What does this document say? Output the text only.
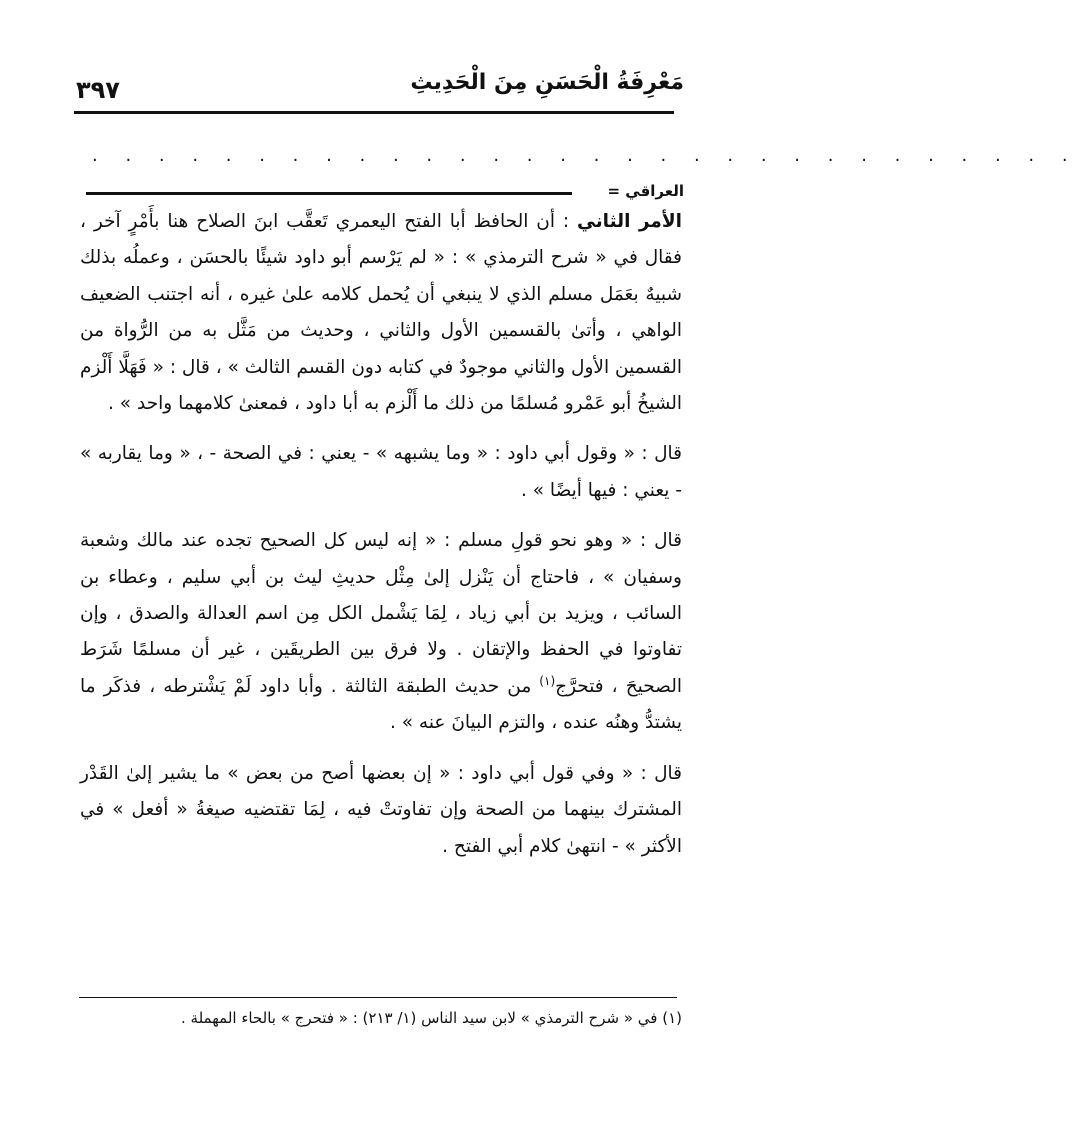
مَعْرِفَةُ الْحَسَنِ مِنَ الْحَدِيثِ
٣٩٧
· · · · · · · · · · · · · · · · · · · · · · · · · · · · · ·
العراقي =

الأمر الثاني : أن الحافظ أبا الفتح اليعمري تَعقَّب ابنَ الصلاح هنا بأَمْرٍ آخر ، فقال في « شرح الترمذي » : « لم يَرْسم أبو داود شيئًا بالحسَن ، وعملُه بذلك شبيهٌ بعَمَل مسلم الذي لا ينبغي أن يُحمل كلامه علىٰ غيره ، أنه اجتنب الضعيف الواهي ، وأتىٰ بالقسمين الأول والثاني ، وحديث من مَثَّل به من الرُّواة من القسمين الأول والثاني موجودٌ في كتابه دون القسم الثالث » ، قال : « فَهَلَّا أَلْزم الشيخُ أبو عَمْرو مُسلمًا من ذلك ما أَلْزم به أبا داود ، فمعنىٰ كلامهما واحد » .

قال : « وقول أبي داود : « وما يشبهه » - يعني : في الصحة - ، « وما يقاربه » - يعني : فيها أيضًا » .

قال : « وهو نحو قولِ مسلم : « إنه ليس كل الصحيح تجده عند مالك وشعبة وسفيان » ، فاحتاج أن يَنْزل إلىٰ مِثْل حديثِ ليث بن أبي سليم ، وعطاء بن السائب ، ويزيد بن أبي زياد ، لِمَا يَشْمل الكل مِن اسم العدالة والصدق ، وإن تفاوتوا في الحفظ والإتقان . ولا فرق بين الطريقَين ، غير أن مسلمًا شَرَط الصحيحَ ، فتحرَّج$^{(١)}$ من حديث الطبقة الثالثة . وأبا داود لَمْ يَشْترطه ، فذكَر ما يشتدُّ وهنُه عنده ، والتزم البيانَ عنه » .

قال : « وفي قول أبي داود : « إن بعضها أصح من بعض » ما يشير إلىٰ القَدْر المشترك بينهما من الصحة وإن تفاوتتْ فيه ، لِمَا تقتضيه صيغةُ « أفعل » في الأكثر » - انتهىٰ كلام أبي الفتح .

(١) في « شرح الترمذي » لابن سيد الناس (١/ ٢١٣) : « فتحرج » بالحاء المهملة .
